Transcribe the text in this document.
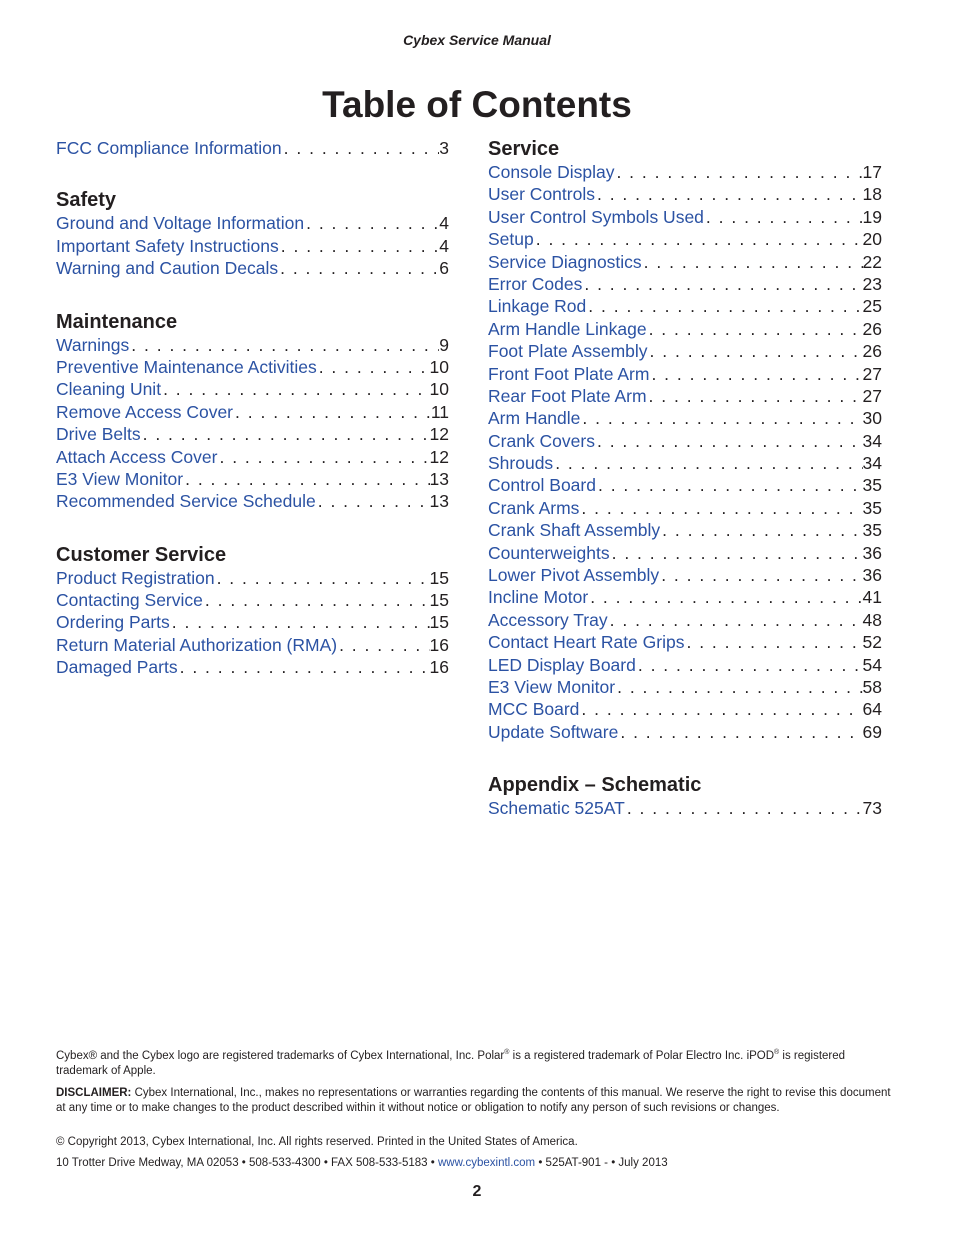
Cybex Service Manual
Table of Contents
FCC Compliance Information . . .	3
Safety
Ground and Voltage Information . . .	4
Important Safety Instructions . . .	4
Warning and Caution Decals . . .	6
Maintenance
Warnings . . .	9
Preventive Maintenance Activities . . .	10
Cleaning Unit . . .	10
Remove Access Cover . . .	11
Drive Belts . . .	12
Attach Access Cover . . .	12
E3 View Monitor . . .	13
Recommended Service Schedule . . .	13
Customer Service
Product Registration . . .	15
Contacting Service . . .	15
Ordering Parts . . .	15
Return Material Authorization (RMA) . . .	16
Damaged Parts . . .	16
Service
Console Display . . .	17
User Controls . . .	18
User Control Symbols Used . . .	19
Setup . . .	20
Service Diagnostics . . .	22
Error Codes . . .	23
Linkage Rod . . .	25
Arm Handle Linkage . . .	26
Foot Plate Assembly . . .	26
Front Foot Plate Arm . . .	27
Rear Foot Plate Arm . . .	27
Arm Handle . . .	30
Crank Covers . . .	34
Shrouds . . .	34
Control Board . . .	35
Crank Arms . . .	35
Crank Shaft Assembly . . .	35
Counterweights . . .	36
Lower Pivot Assembly . . .	36
Incline Motor . . .	41
Accessory Tray . . .	48
Contact Heart Rate Grips . . .	52
LED Display Board . . .	54
E3 View Monitor . . .	58
MCC Board . . .	64
Update Software . . .	69
Appendix – Schematic
Schematic 525AT . . .	73

Cybex® and the Cybex logo are registered trademarks of Cybex International, Inc. Polar® is a registered trademark of Polar Electro Inc. iPOD® is registered trademark of Apple.

DISCLAIMER: Cybex International, Inc., makes no representations or warranties regarding the contents of this manual. We reserve the right to revise this document at any time or to make changes to the product described within it without notice or obligation to notify any person of such revisions or changes.

© Copyright 2013, Cybex International, Inc. All rights reserved. Printed in the United States of America.

10 Trotter Drive Medway, MA 02053 • 508-533-4300 • FAX 508-533-5183 • www.cybexintl.com • 525AT-901 - • July 2013

2
